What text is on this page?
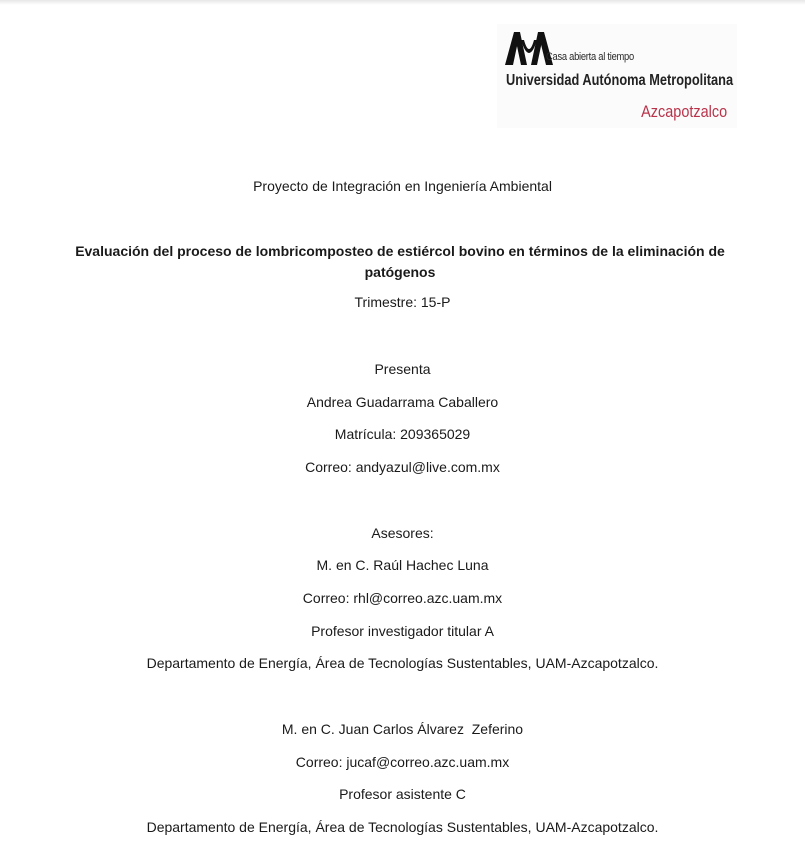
Casa abierta al tiempo
Universidad Autónoma Metropolitana
Azcapotzalco
Proyecto de Integración en Ingeniería Ambiental
Evaluación del proceso de lombricomposteo de estiércol bovino en términos de la eliminación de patógenos
Trimestre: 15-P
Presenta
Andrea Guadarrama Caballero
Matrícula: 209365029
Correo: andyazul@live.com.mx
Asesores:
M. en C. Raúl Hachec Luna
Correo: rhl@correo.azc.uam.mx
Profesor investigador titular A
Departamento de Energía, Área de Tecnologías Sustentables, UAM-Azcapotzalco.
M. en C. Juan Carlos Álvarez  Zeferino
Correo: jucaf@correo.azc.uam.mx
Profesor asistente C
Departamento de Energía, Área de Tecnologías Sustentables, UAM-Azcapotzalco.
